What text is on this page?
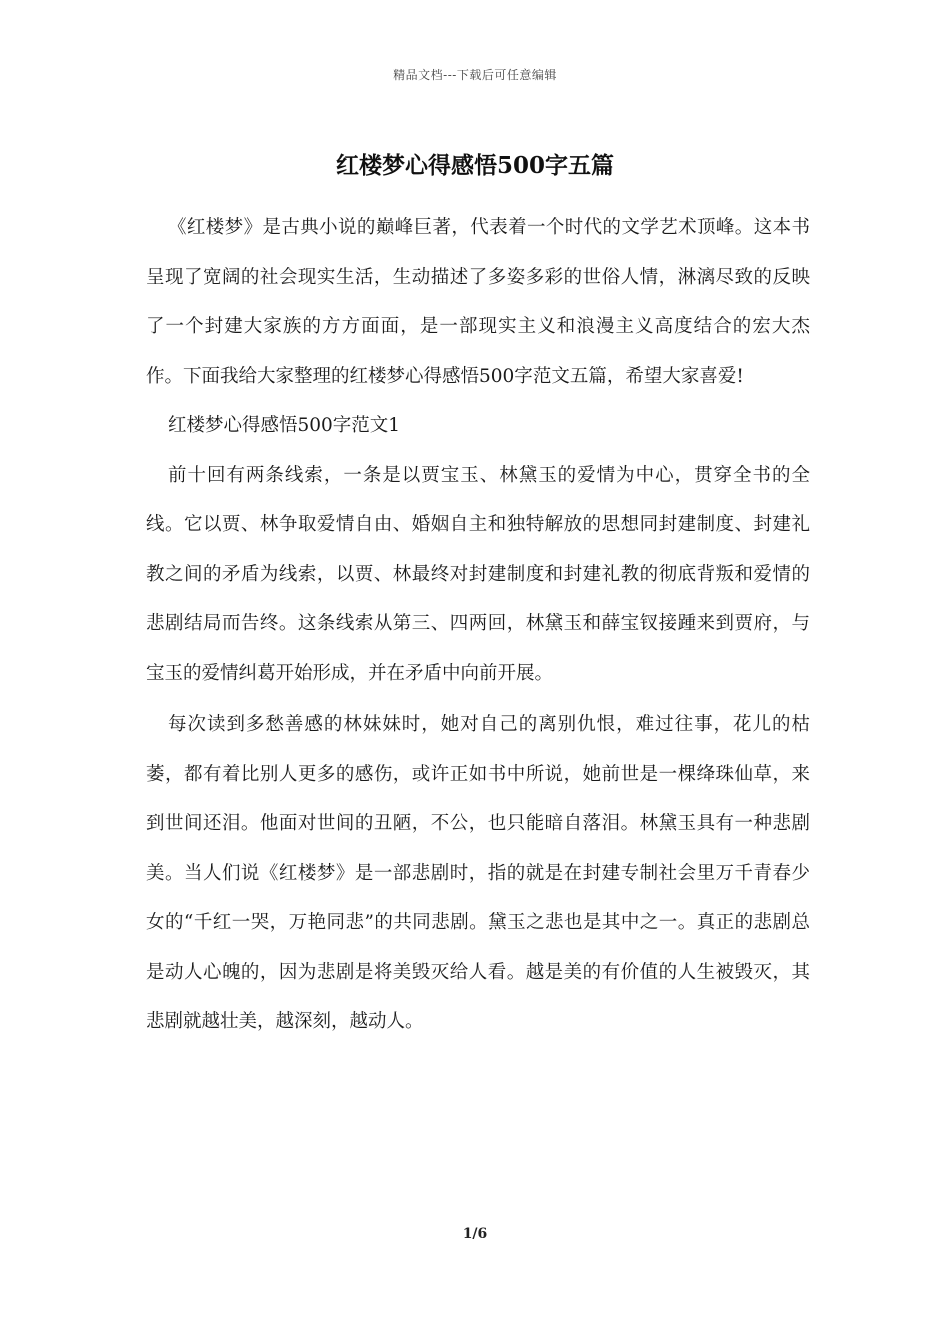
精品文档---下载后可任意编辑
红楼梦心得感悟500字五篇

《红楼梦》是古典小说的巅峰巨著，代表着一个时代的文学艺术顶峰。这本书呈现了宽阔的社会现实生活，生动描述了多姿多彩的世俗人情，淋漓尽致的反映了一个封建大家族的方方面面，是一部现实主义和浪漫主义高度结合的宏大杰作。下面我给大家整理的红楼梦心得感悟500字范文五篇，希望大家喜爱!

红楼梦心得感悟500字范文1

前十回有两条线索，一条是以贾宝玉、林黛玉的爱情为中心，贯穿全书的全线。它以贾、林争取爱情自由、婚姻自主和独特解放的思想同封建制度、封建礼教之间的矛盾为线索，以贾、林最终对封建制度和封建礼教的彻底背叛和爱情的悲剧结局而告终。这条线索从第三、四两回，林黛玉和薛宝钗接踵来到贾府，与宝玉的爱情纠葛开始形成，并在矛盾中向前开展。

每次读到多愁善感的林妹妹时，她对自己的离别仇恨，难过往事，花儿的枯萎，都有着比别人更多的感伤，或许正如书中所说，她前世是一棵绛珠仙草，来到世间还泪。他面对世间的丑陋，不公，也只能暗自落泪。林黛玉具有一种悲剧美。当人们说《红楼梦》是一部悲剧时，指的就是在封建专制社会里万千青春少女的“千红一哭，万艳同悲”的共同悲剧。黛玉之悲也是其中之一。真正的悲剧总是动人心魄的，因为悲剧是将美毁灭给人看。越是美的有价值的人生被毁灭，其悲剧就越壮美，越深刻，越动人。

1/6
